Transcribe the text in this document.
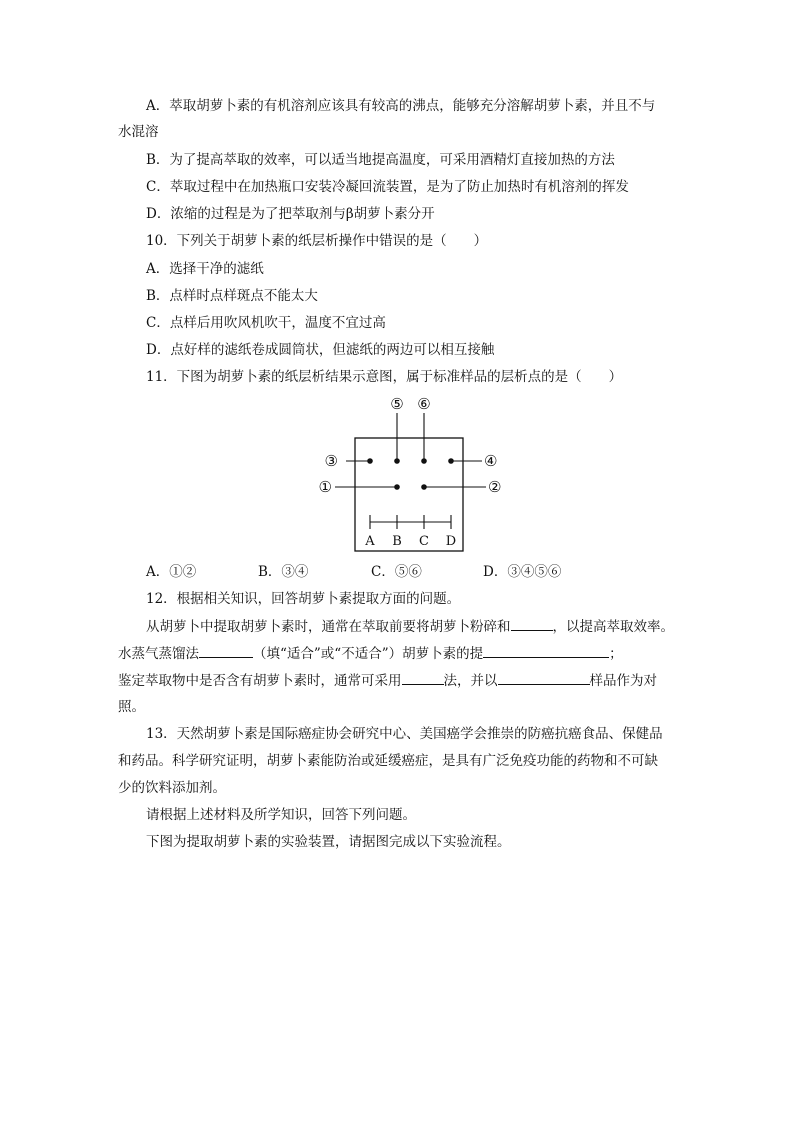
A．萃取胡萝卜素的有机溶剂应该具有较高的沸点，能够充分溶解胡萝卜素，并且不与
水混溶
B．为了提高萃取的效率，可以适当地提高温度，可采用酒精灯直接加热的方法
C．萃取过程中在加热瓶口安装冷凝回流装置，是为了防止加热时有机溶剂的挥发
D．浓缩的过程是为了把萃取剂与β胡萝卜素分开
10．下列关于胡萝卜素的纸层析操作中错误的是（　　）
A．选择干净的滤纸
B．点样时点样斑点不能太大
C．点样后用吹风机吹干，温度不宜过高
D．点好样的滤纸卷成圆筒状，但滤纸的两边可以相互接触
11．下图为胡萝卜素的纸层析结果示意图，属于标准样品的层析点的是（　　）
⑤ ⑥
③	④
①	②
A B C D
A．①②	B．③④	C．⑤⑥	D．③④⑤⑥
12．根据相关知识，回答胡萝卜素提取方面的问题。
从胡萝卜中提取胡萝卜素时，通常在萃取前要将胡萝卜粉碎和	，以提高萃取效率。
水蒸气蒸馏法	（填“适合”或“不适合”）胡萝卜素的提	；
鉴定萃取物中是否含有胡萝卜素时，通常可采用	法，并以	样品作为对
照。
13．天然胡萝卜素是国际癌症协会研究中心、美国癌学会推崇的防癌抗癌食品、保健品
和药品。科学研究证明，胡萝卜素能防治或延缓癌症，是具有广泛免疫功能的药物和不可缺
少的饮料添加剂。
请根据上述材料及所学知识，回答下列问题。
下图为提取胡萝卜素的实验装置，请据图完成以下实验流程。
